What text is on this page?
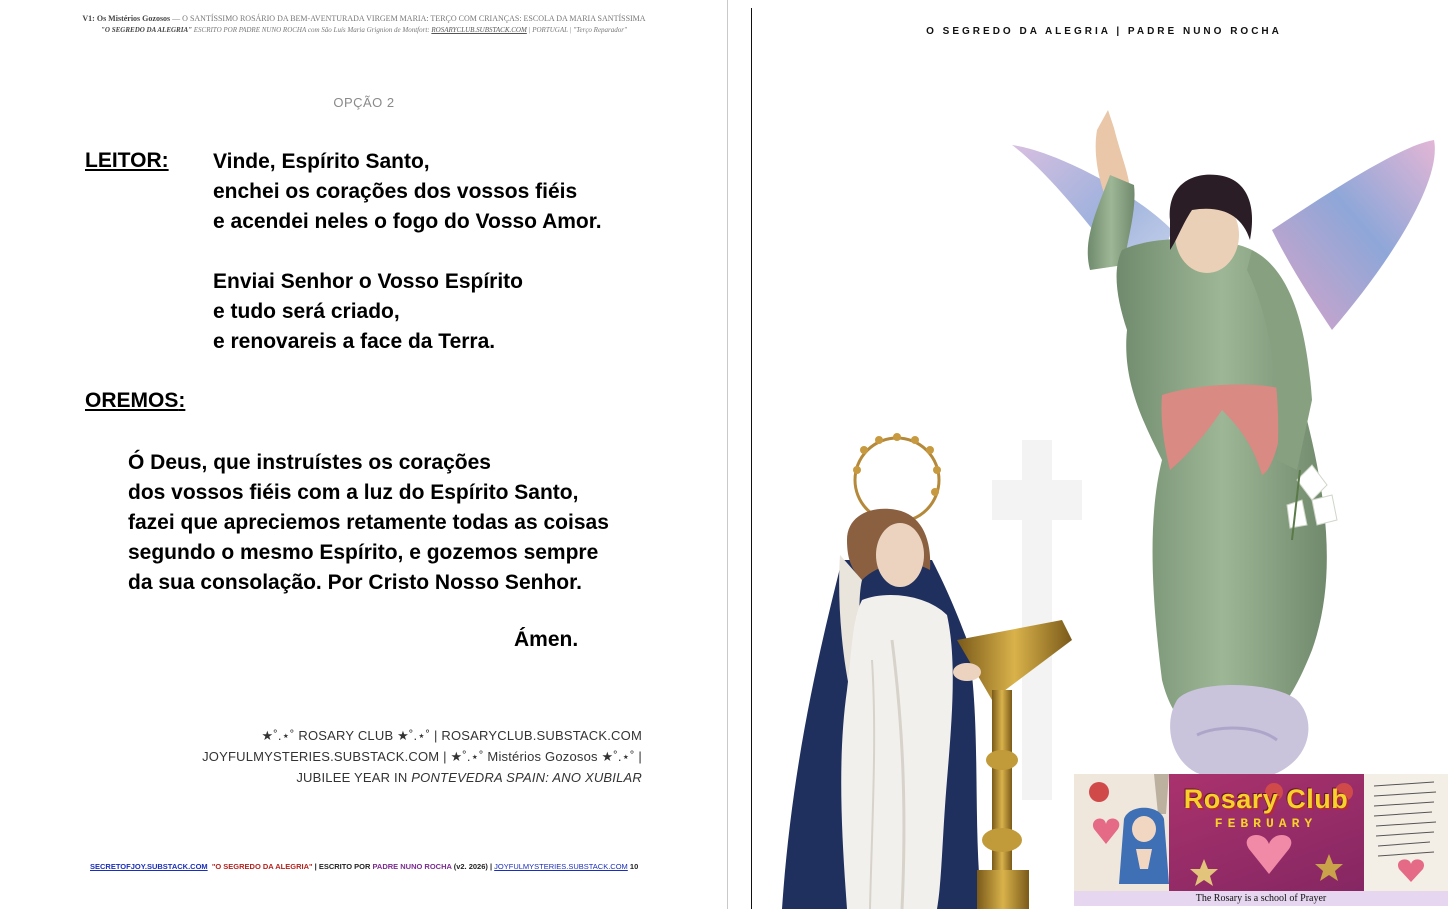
V1: Os Mistérios Gozosos — O SANTÍSSIMO ROSÁRIO DA BEM-AVENTURADA VIRGEM MARIA: TERÇO COM CRIANÇAS: ESCOLA DA MARIA SANTÍSSIMA
"O SEGREDO DA ALEGRIA" ESCRITO POR PADRE NUNO ROCHA com São Luís Maria Grignion de Montfort: ROSARYCLUB.SUBSTACK.COM | PORTUGAL | "Terço Reparador"
OPÇÃO 2
LEITOR: Vinde, Espírito Santo,
enchei os corações dos vossos fiéis
e acendei neles o fogo do Vosso Amor.
Enviai Senhor o Vosso Espírito
e tudo será criado,
e renovareis a face da Terra.
OREMOS:
Ó Deus, que instruístes os corações
dos vossos fiéis com a luz do Espírito Santo,
fazei que apreciemos retamente todas as coisas
segundo o mesmo Espírito, e gozemos sempre
da sua consolação. Por Cristo Nosso Senhor.
Ámen.
★˚.⋆˚ ROSARY CLUB ★˚.⋆˚ | ROSARYCLUB.SUBSTACK.COM
JOYFULMYSTERIES.SUBSTACK.COM | ★˚.⋆˚ Mistérios Gozosos ★˚.⋆˚ |
JUBILEE YEAR IN PONTEVEDRA SPAIN: ANO XUBILAR
SECRETOFJOY.SUBSTACK.COM "O SEGREDO DA ALEGRIA" | ESCRITO POR PADRE NUNO ROCHA (v2. 2026) | JOYFULMYSTERIES.SUBSTACK.COM 10
O SEGREDO DA ALEGRIA | PADRE NUNO ROCHA
Rosary Club
FEBRUARY
The Rosary is a school of Prayer
